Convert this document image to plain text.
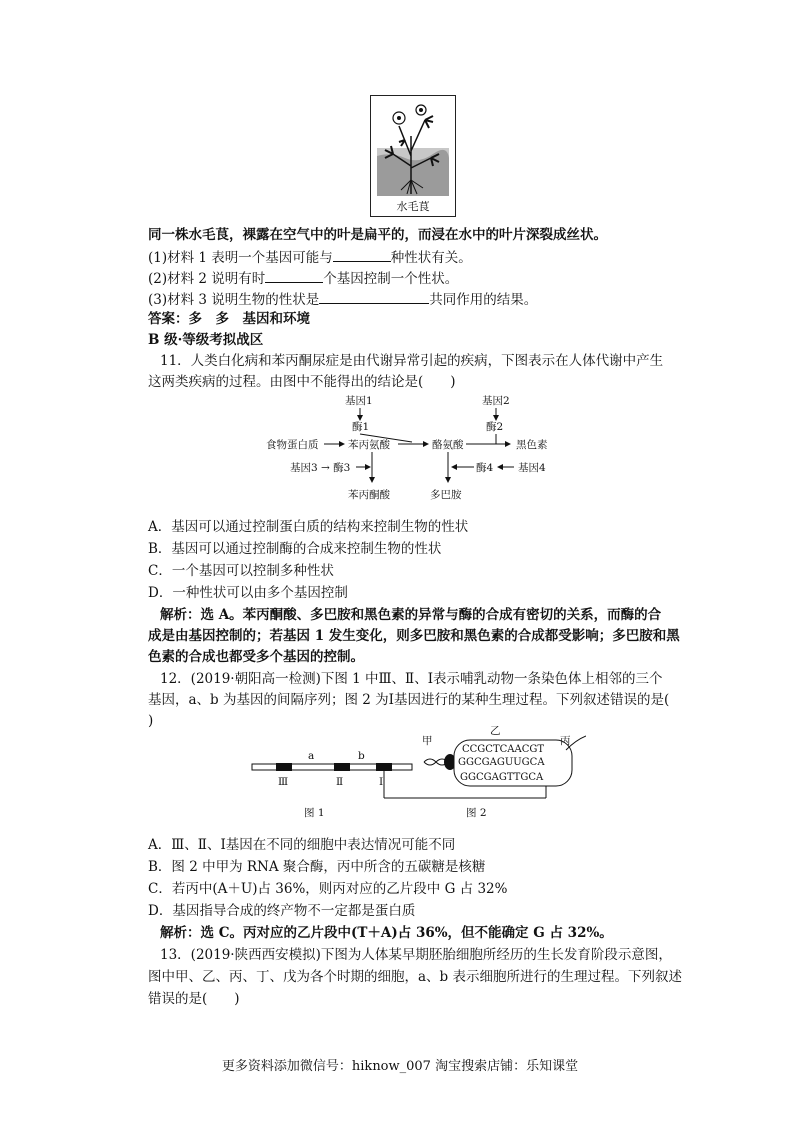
水毛茛
同一株水毛茛，裸露在空气中的叶是扁平的，而浸在水中的叶片深裂成丝状。
(1)材料 1 表明一个基因可能与	种性状有关。
(2)材料 2 说明有时	个基因控制一个性状。
(3)材料 3 说明生物的性状是	共同作用的结果。
答案：多　多　基因和环境
B 级·等级考拟战区
11．人类白化病和苯丙酮尿症是由代谢异常引起的疾病，下图表示在人体代谢中产生
这两类疾病的过程。由图中不能得出的结论是(　　)
基因1	基因2
酶1	酶2
食物蛋白质	苯丙氨酸	酪氨酸	黑色素
基因3 → 酶3	酶4 基因4
苯丙酮酸	多巴胺
A．基因可以通过控制蛋白质的结构来控制生物的性状
B．基因可以通过控制酶的合成来控制生物的性状
C．一个基因可以控制多种性状
D．一种性状可以由多个基因控制
解析：选 A。苯丙酮酸、多巴胺和黑色素的异常与酶的合成有密切的关系，而酶的合
成是由基因控制的；若基因 1 发生变化，则多巴胺和黑色素的合成都受影响；多巴胺和黑
色素的合成也都受多个基因的控制。
12．(2019·朝阳高一检测)下图 1 中Ⅲ、Ⅱ、Ⅰ表示哺乳动物一条染色体上相邻的三个
基因，a、b 为基因的间隔序列；图 2 为Ⅰ基因进行的某种生理过程。下列叙述错误的是(
)
a	b
Ⅲ	Ⅱ	Ⅰ
图 1
甲
乙
丙
CCGCTCAACGT
GGCGAGUUGCA
GGCGAGTTGCA
图 2
A．Ⅲ、Ⅱ、Ⅰ基因在不同的细胞中表达情况可能不同
B．图 2 中甲为 RNA 聚合酶，丙中所含的五碳糖是核糖
C．若丙中(A＋U)占 36%，则丙对应的乙片段中 G 占 32%
D．基因指导合成的终产物不一定都是蛋白质
解析：选 C。丙对应的乙片段中(T＋A)占 36%，但不能确定 G 占 32%。
13．(2019·陕西西安模拟)下图为人体某早期胚胎细胞所经历的生长发育阶段示意图，
图中甲、乙、丙、丁、戊为各个时期的细胞，a、b 表示细胞所进行的生理过程。下列叙述
错误的是(　　)
更多资料添加微信号：hiknow_007 淘宝搜索店铺：乐知课堂
